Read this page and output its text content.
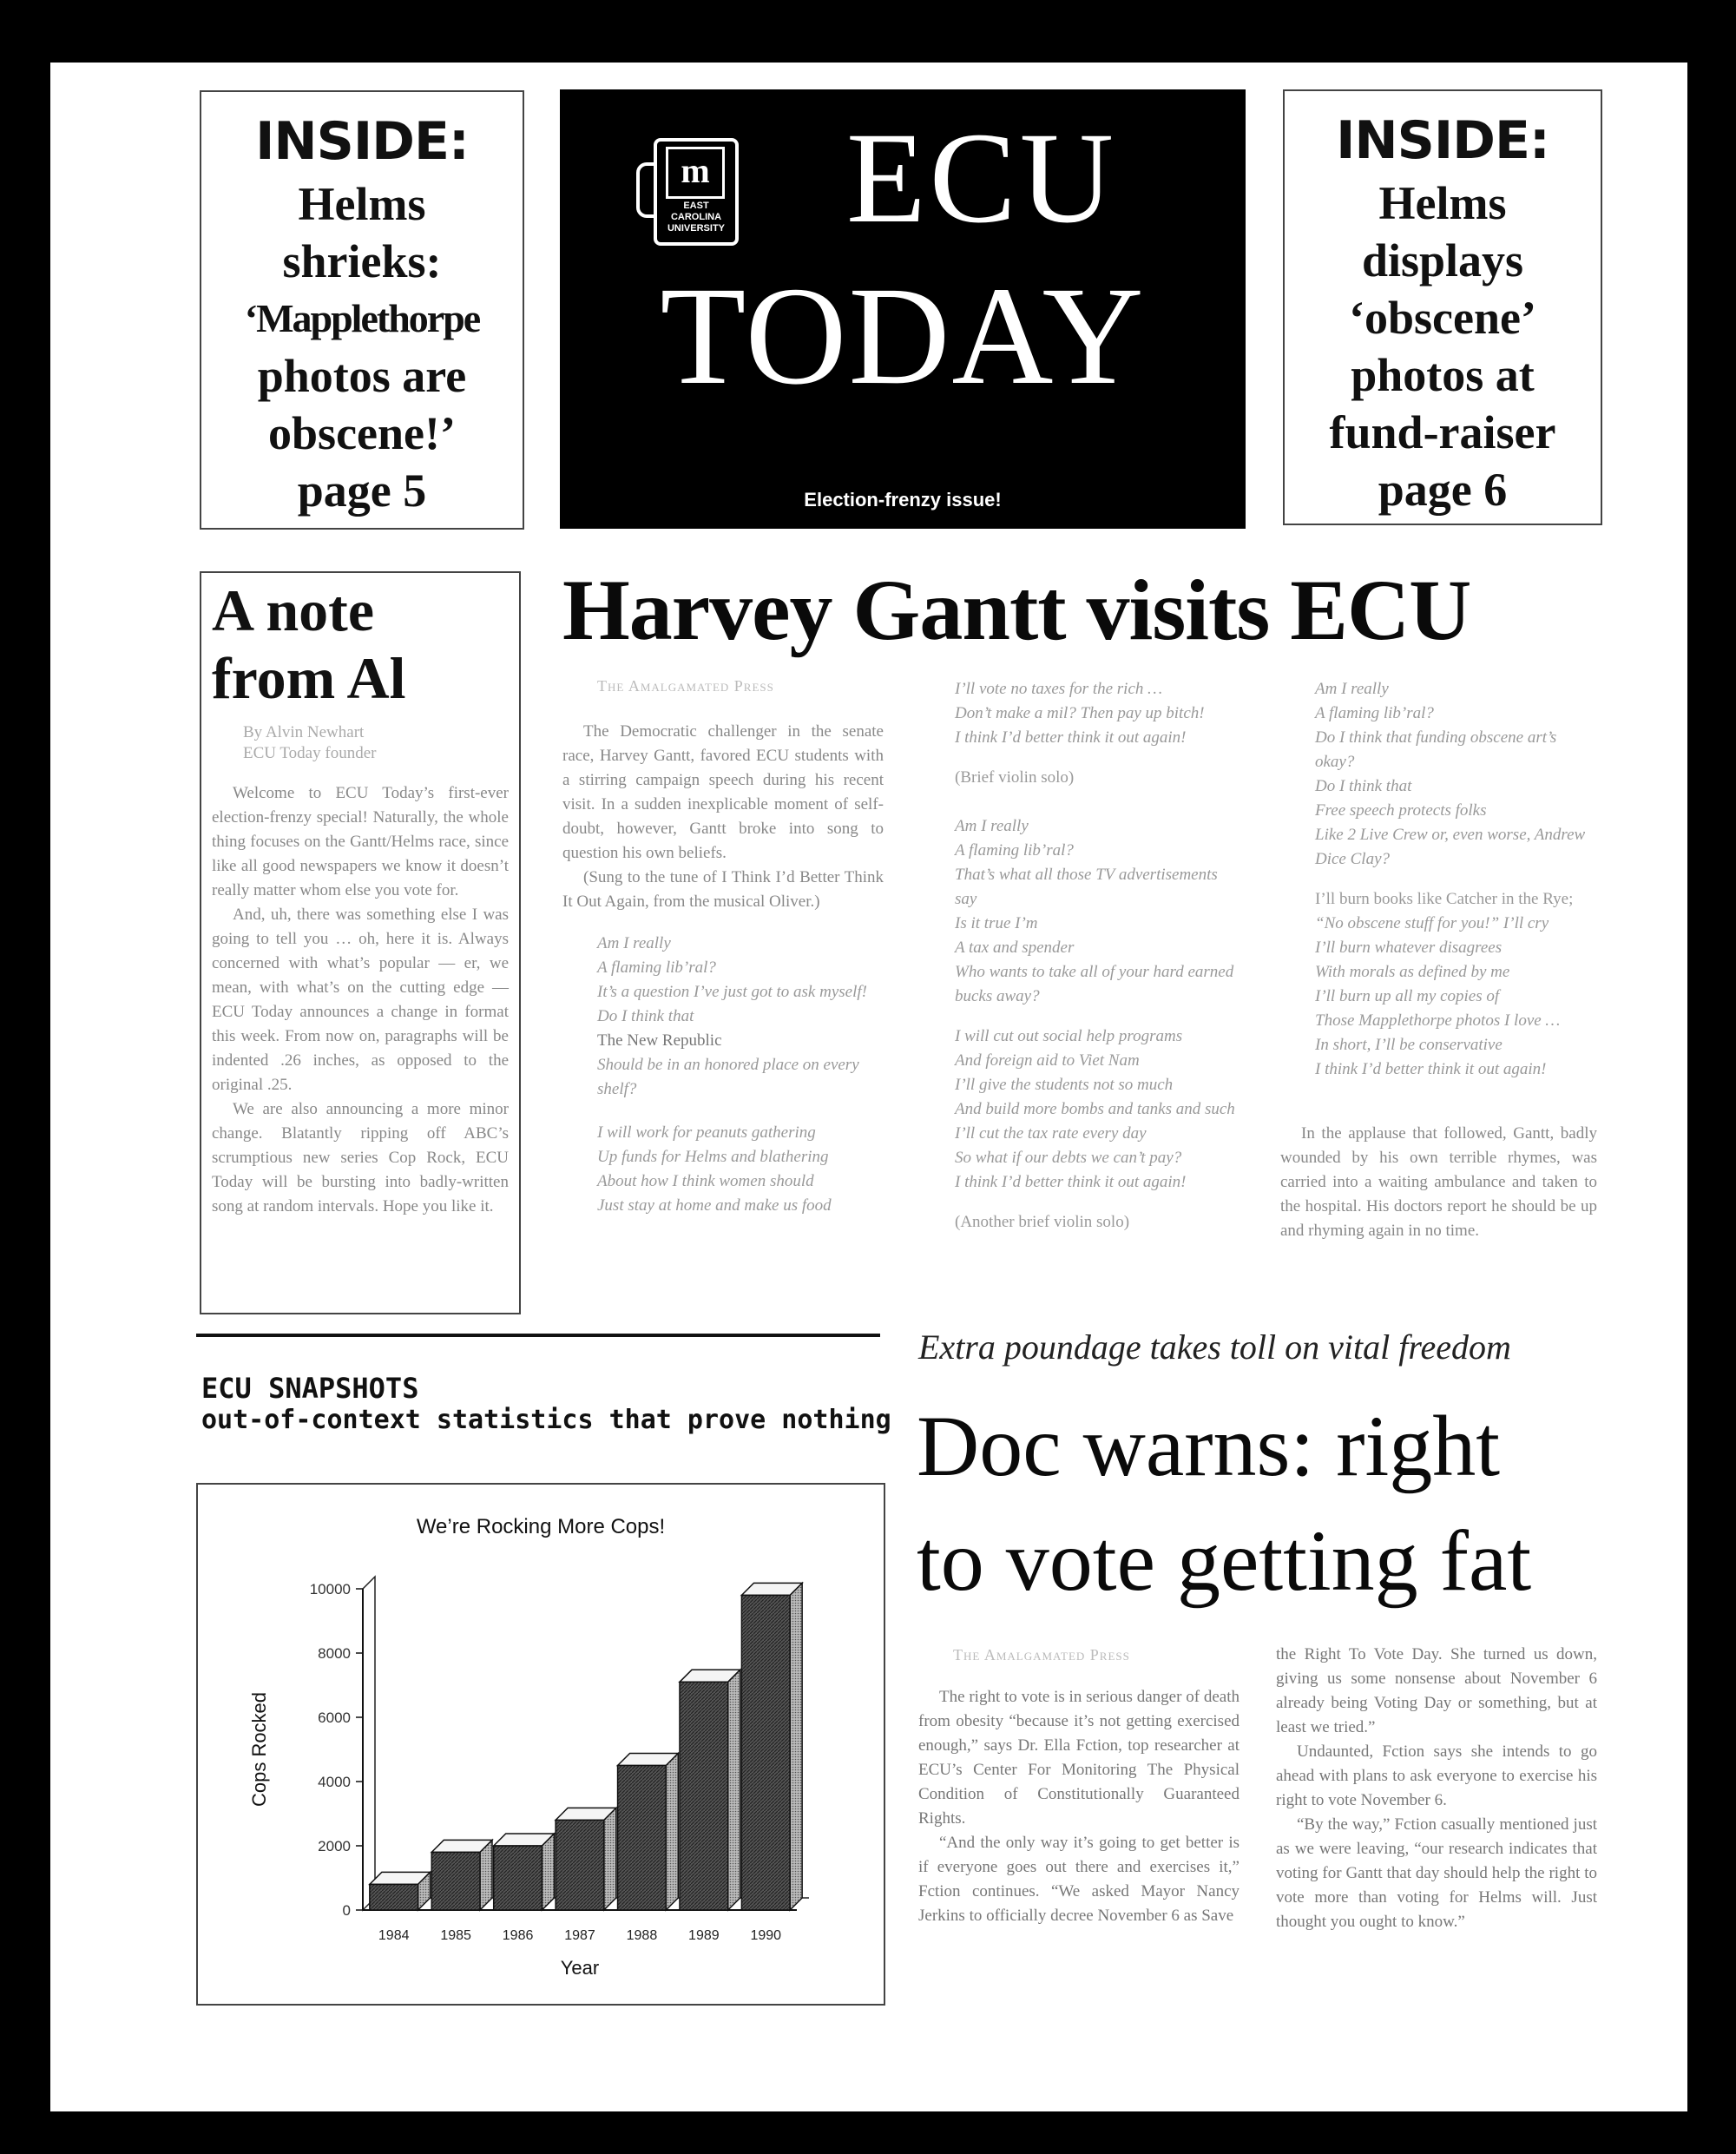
INSIDE:
Helms
shrieks:
‘Mapplethorpe
photos are
obscene!’
page 5
m
EAST
CAROLINA
UNIVERSITY ECU
TODAY
Election-frenzy issue!
INSIDE:
Helms
displays
‘obscene’
photos at
fund-raiser
page 6
A note
from Al
By Alvin Newhart
ECU Today founder

Welcome to ECU Today’s first-ever election-frenzy special! Naturally, the whole thing focuses on the Gantt/Helms race, since like all good newspapers we know it doesn’t really matter whom else you vote for.

And, uh, there was something else I was going to tell you … oh, here it is. Always concerned with what’s popular — er, we mean, with what’s on the cutting edge — ECU Today announces a change in format this week. From now on, paragraphs will be indented .26 inches, as opposed to the original .25.

We are also announcing a more minor change. Blatantly ripping off ABC’s scrumptious new series Cop Rock, ECU Today will be bursting into badly-written song at random intervals. Hope you like it.

Harvey Gantt visits ECU
The Amalgamated Press

The Democratic challenger in the senate race, Harvey Gantt, favored ECU students with a stirring campaign speech during his recent visit. In a sudden inexplicable moment of self-doubt, however, Gantt broke into song to question his own beliefs.

(Sung to the tune of I Think I’d Better Think It Out Again, from the musical Oliver.)

Am I really
A flaming lib’ral?
It’s a question I’ve just got to ask myself!
Do I think that
The New Republic
Should be in an honored place on every shelf?
I will work for peanuts gathering
Up funds for Helms and blathering
About how I think women should
Just stay at home and make us food
I’ll vote no taxes for the rich …
Don’t make a mil? Then pay up bitch!
I think I’d better think it out again!
(Brief violin solo)
Am I really
A flaming lib’ral?
That’s what all those TV advertisements say
Is it true I’m
A tax and spender
Who wants to take all of your hard earned bucks away?
I will cut out social help programs
And foreign aid to Viet Nam
I’ll give the students not so much
And build more bombs and tanks and such
I’ll cut the tax rate every day
So what if our debts we can’t pay?
I think I’d better think it out again!
(Another brief violin solo)
Am I really
A flaming lib’ral?
Do I think that funding obscene art’s okay?
Do I think that
Free speech protects folks
Like 2 Live Crew or, even worse, Andrew Dice Clay?
I’ll burn books like Catcher in the Rye;
“No obscene stuff for you!” I’ll cry
I’ll burn whatever disagrees
With morals as defined by me
I’ll burn up all my copies of
Those Mapplethorpe photos I love …
In short, I’ll be conservative
I think I’d better think it out again!

In the applause that followed, Gantt, badly wounded by his own terrible rhymes, was carried into a waiting ambulance and taken to the hospital. His doctors report he should be up and rhyming again in no time.

ECU SNAPSHOTS
out-of-context statistics that prove nothing
We’re Rocking More Cops!
0
2000
4000
6000
8000
10000
1984 1985 1986 1987 1988 1989 1990
Year
Cops Rocked
Extra poundage takes toll on vital freedom
Doc warns: right
to vote getting fat
The Amalgamated Press

The right to vote is in serious danger of death from obesity “because it’s not getting exercised enough,” says Dr. Ella Fction, top researcher at ECU’s Center For Monitoring The Physical Condition of Constitutionally Guaranteed Rights.

“And the only way it’s going to get better is if everyone goes out there and exercises it,” Fction continues. “We asked Mayor Nancy Jerkins to officially decree November 6 as Save

the Right To Vote Day. She turned us down, giving us some nonsense about November 6 already being Voting Day or something, but at least we tried.”

Undaunted, Fction says she intends to go ahead with plans to ask everyone to exercise his right to vote November 6.

“By the way,” Fction casually mentioned just as we were leaving, “our research indicates that voting for Gantt that day should help the right to vote more than voting for Helms will. Just thought you ought to know.”
